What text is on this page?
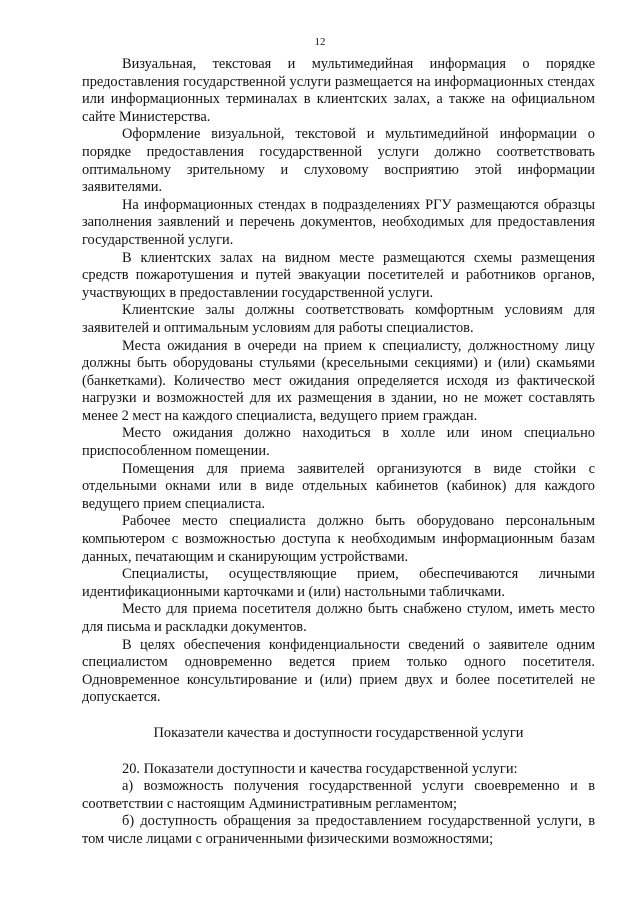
12

Визуальная, текстовая и мультимедийная информация о порядке предоставления государственной услуги размещается на информационных стендах или информационных терминалах в клиентских залах, а также на официальном сайте Министерства.

Оформление визуальной, текстовой и мультимедийной информации о порядке предоставления государственной услуги должно соответствовать оптимальному зрительному и слуховому восприятию этой информации заявителями.

На информационных стендах в подразделениях РГУ размещаются образцы заполнения заявлений и перечень документов, необходимых для предоставления государственной услуги.

В клиентских залах на видном месте размещаются схемы размещения средств пожаротушения и путей эвакуации посетителей и работников органов, участвующих в предоставлении государственной услуги.

Клиентские залы должны соответствовать комфортным условиям для заявителей и оптимальным условиям для работы специалистов.

Места ожидания в очереди на прием к специалисту, должностному лицу должны быть оборудованы стульями (кресельными секциями) и (или) скамьями (банкетками). Количество мест ожидания определяется исходя из фактической нагрузки и возможностей для их размещения в здании, но не может составлять менее 2 мест на каждого специалиста, ведущего прием граждан.

Место ожидания должно находиться в холле или ином специально приспособленном помещении.

Помещения для приема заявителей организуются в виде стойки с отдельными окнами или в виде отдельных кабинетов (кабинок) для каждого ведущего прием специалиста.

Рабочее место специалиста должно быть оборудовано персональным компьютером с возможностью доступа к необходимым информационным базам данных, печатающим и сканирующим устройствами.

Специалисты, осуществляющие прием, обеспечиваются личными идентификационными карточками и (или) настольными табличками.

Место для приема посетителя должно быть снабжено стулом, иметь место для письма и раскладки документов.

В целях обеспечения конфиденциальности сведений о заявителе одним специалистом одновременно ведется прием только одного посетителя. Одновременное консультирование и (или) прием двух и более посетителей не допускается.

Показатели качества и доступности государственной услуги

20. Показатели доступности и качества государственной услуги:

а) возможность получения государственной услуги своевременно и в соответствии с настоящим Административным регламентом;

б) доступность обращения за предоставлением государственной услуги, в том числе лицами с ограниченными физическими возможностями;
